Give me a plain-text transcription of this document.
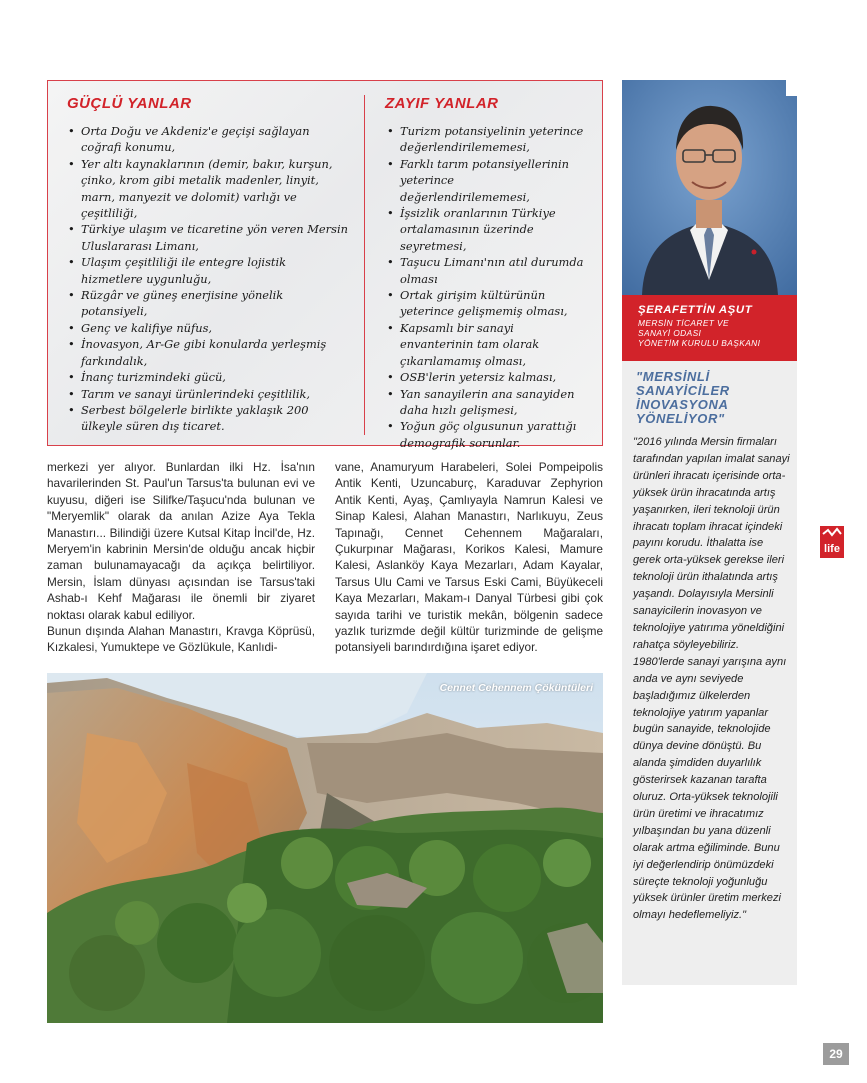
GÜÇLÜ YANLAR
• Orta Doğu ve Akdeniz'e geçişi sağlayan coğrafi konumu,
• Yer altı kaynaklarının (demir, bakır, kurşun, çinko, krom gibi metalik madenler, linyit, marn, manyezit ve dolomit) varlığı ve çeşitliliği,
• Türkiye ulaşım ve ticaretine yön veren Mersin Uluslararası Limanı,
• Ulaşım çeşitliliği ile entegre lojistik hizmetlere uygunluğu,
• Rüzgâr ve güneş enerjisine yönelik potansiyeli,
• Genç ve kalifiye nüfus,
• İnovasyon, Ar-Ge gibi konularda yerleşmiş farkındalık,
• İnanç turizmindeki gücü,
• Tarım ve sanayi ürünlerindeki çeşitlilik,
• Serbest bölgelerle birlikte yaklaşık 200 ülkeyle süren dış ticaret.
ZAYIF YANLAR
• Turizm potansiyelinin yeterince değerlendirilememesi,
• Farklı tarım potansiyellerinin yeterince değerlendirilememesi,
• İşsizlik oranlarının Türkiye ortalamasının üzerinde seyretmesi,
• Taşucu Limanı'nın atıl durumda olması
• Ortak girişim kültürünün yeterince gelişmemiş olması,
• Kapsamlı bir sanayi envanterinin tam olarak çıkarılamamış olması,
• OSB'lerin yetersiz kalması,
• Yan sanayilerin ana sanayiden daha hızlı gelişmesi,
• Yoğun göç olgusunun yarattığı demografik sorunlar.

merkezi yer alıyor. Bunlardan ilki Hz. İsa'nın havarilerinden St. Paul'un Tarsus'ta bulunan evi ve kuyusu, diğeri ise Silifke/Taşucu'nda bulunan ve "Meryemlik" olarak da anılan Azize Aya Tekla Manastırı... Bilindiği üzere Kutsal Kitap İncil'de, Hz. Meryem'in kabrinin Mersin'de olduğu ancak hiçbir zaman bulunamayacağı da açıkça belirtiliyor. Mersin, İslam dünyası açısından ise Tarsus'taki Ashab-ı Kehf Mağarası ile önemli bir ziyaret noktası olarak kabul ediliyor.

Bunun dışında Alahan Manastırı, Kravga Köprüsü, Kızkalesi, Yumuktepe ve Gözlükule, Kanlıdi-

vane, Anamuryum Harabeleri, Solei Pompeipolis Antik Kenti, Uzuncaburç, Karaduvar Zephyrion Antik Kenti, Ayaş, Çamlıyayla Namrun Kalesi ve Sinap Kalesi, Alahan Manastırı, Narlıkuyu, Zeus Tapınağı, Cennet Cehennem Mağaraları, Çukurpınar Mağarası, Korikos Kalesi, Mamure Kalesi, Aslanköy Kaya Mezarları, Adam Kayalar, Tarsus Ulu Cami ve Tarsus Eski Cami, Büyükeceli Kaya Mezarları, Makam-ı Danyal Türbesi gibi çok sayıda tarihi ve turistik mekân, bölgenin sadece yazlık turizmde değil kültür turizminde de gelişme potansiyeli barındırdığına işaret ediyor.

Cennet Cehennem Çöküntüleri
ŞERAFETTİN AŞUT
MERSİN TİCARET VE
SANAYİ ODASI
YÖNETİM KURULU BAŞKANI
"MERSİNLİ
SANAYİCİLER
İNOVASYONA
YÖNELİYOR"
"2016 yılında Mersin firmaları tarafından yapılan imalat sanayi ürünleri ihracatı içerisinde orta-yüksek ürün ihracatında artış yaşanırken, ileri teknoloji ürün ihracatı toplam ihracat içindeki payını korudu. İthalatta ise gerek orta-yüksek gerekse ileri teknoloji ürün ithalatında artış yaşandı. Dolayısıyla Mersinli sanayicilerin inovasyon ve teknolojiye yatırıma yöneldiğini rahatça söyleyebiliriz. 1980'lerde sanayi yarışına aynı anda ve aynı seviyede başladığımız ülkelerden teknolojiye yatırım yapanlar bugün sanayide, teknolojide dünya devine dönüştü. Bu alanda şimdiden duyarlılık gösterirsek kazanan tarafta oluruz. Orta-yüksek teknolojili ürün üretimi ve ihracatımız yılbaşından bu yana düzenli olarak artma eğilimindе. Bunu iyi değerlendirip önümüzdeki süreçte teknoloji yoğunluğu yüksek ürünler üretim merkezi olmayı hedeflemeliyiz."
life
29
